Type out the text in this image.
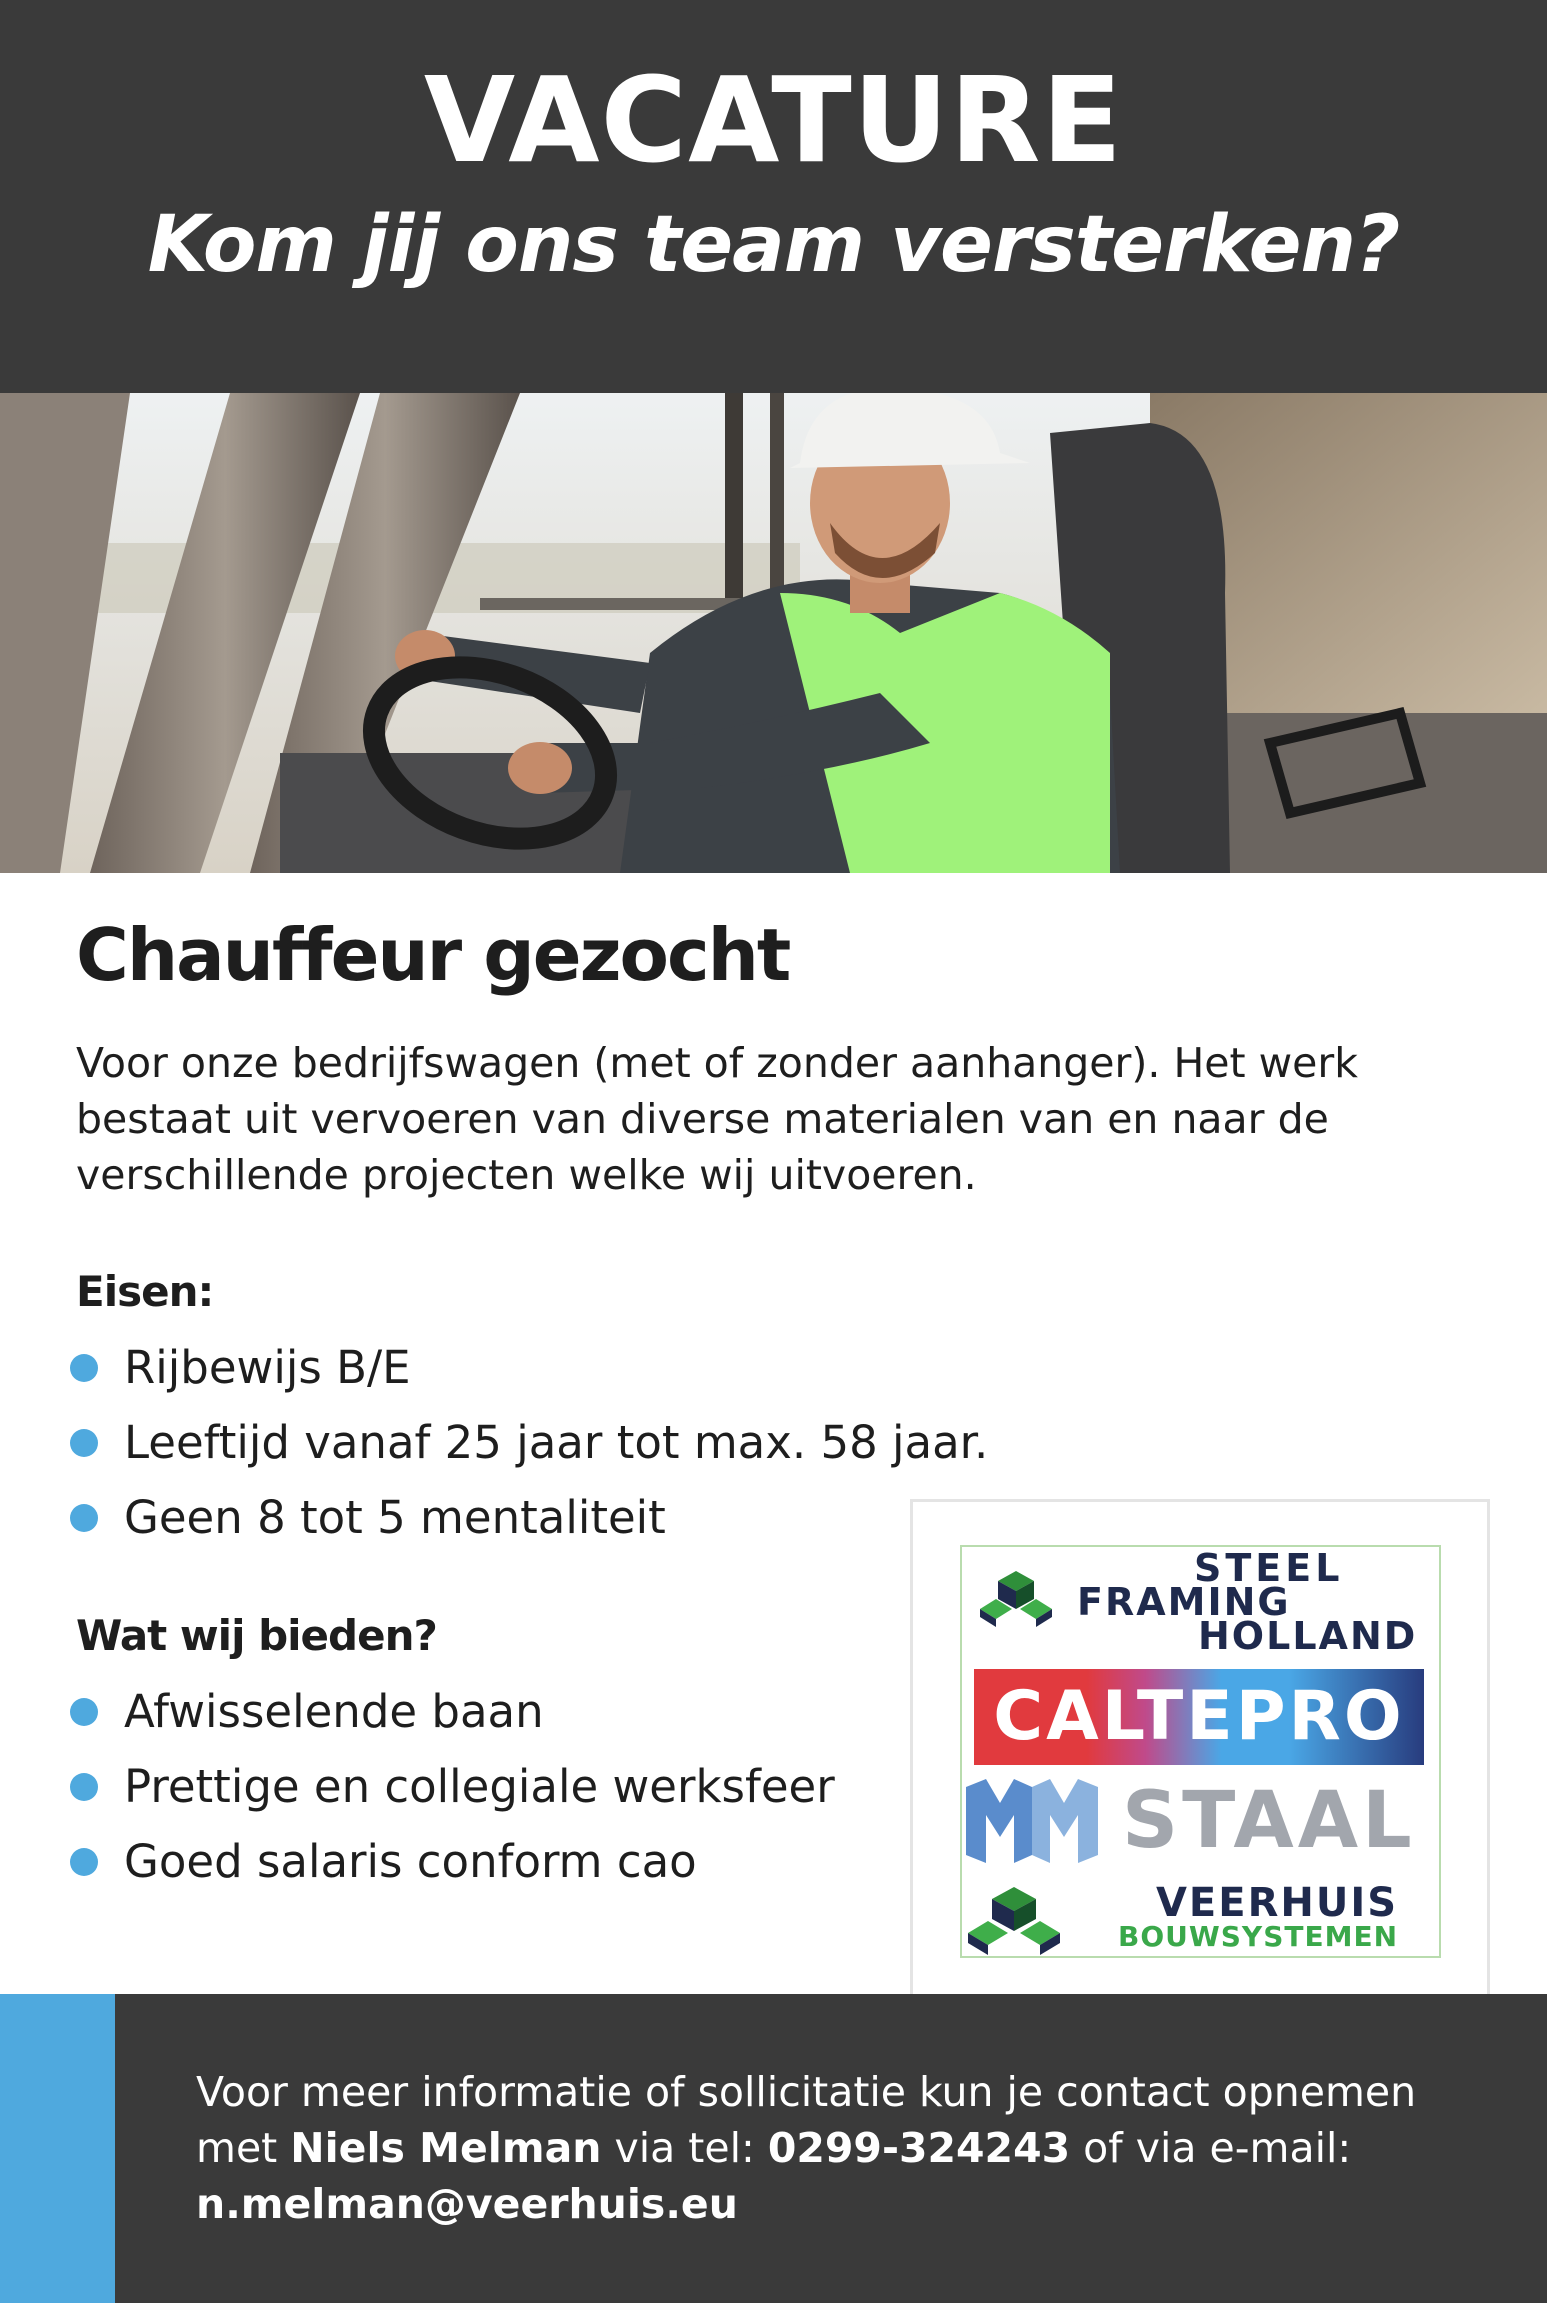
VACATURE
Kom jij ons team versterken?
Chauffeur gezocht

Voor onze bedrijfswagen (met of zonder aanhanger). Het werk bestaat uit vervoeren van diverse materialen van en naar de verschillende projecten welke wij uitvoeren.

Eisen:
Rijbewijs B/E
Leeftijd vanaf 25 jaar tot max. 58 jaar.
Geen 8 tot 5 mentaliteit
Wat wij bieden?
Afwisselende baan
Prettige en collegiale werksfeer
Goed salaris conform cao
STEEL
FRAMING
HOLLAND
CALTEPRO
STAAL
VEERHUIS
BOUWSYSTEMEN

Voor meer informatie of sollicitatie kun je contact opnemen met Niels Melman via tel: 0299-324243 of via e-mail:
n.melman@veerhuis.eu
